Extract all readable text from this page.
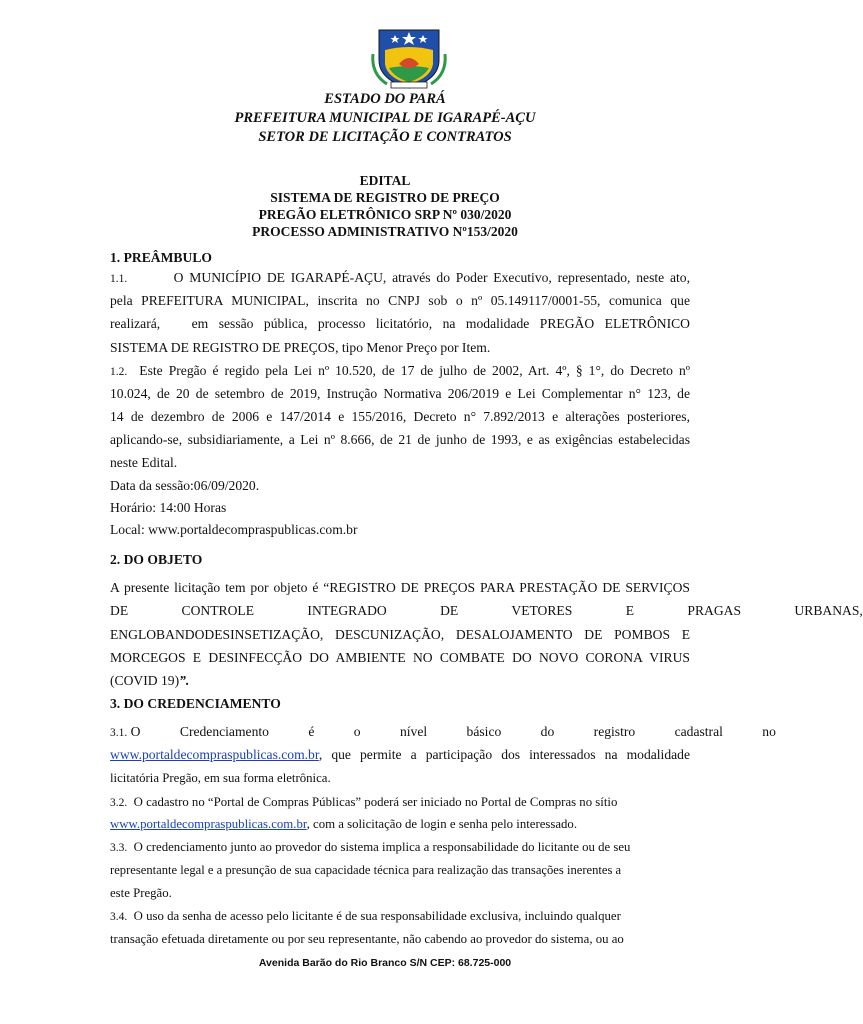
ESTADO DO PARÁ
PREFEITURA MUNICIPAL DE IGARAPÉ-AÇU
SETOR DE LICITAÇÃO E CONTRATOS
EDITAL
SISTEMA DE REGISTRO DE PREÇO
PREGÃO ELETRÔNICO SRP Nº 030/2020
PROCESSO ADMINISTRATIVO Nº153/2020
1. PREÂMBULO
1.1.	O MUNICÍPIO DE IGARAPÉ-AÇU, através do Poder Executivo, representado, neste ato,
pela PREFEITURA MUNICIPAL, inscrita no CNPJ sob o nº 05.149117/0001-55, comunica que
realizará,   em sessão pública, processo licitatório, na modalidade PREGÃO ELETRÔNICO
SISTEMA DE REGISTRO DE PREÇOS, tipo Menor Preço por Item.
1.2. Este Pregão é regido pela Lei nº 10.520, de 17 de julho de 2002, Art. 4º, § 1°, do Decreto nº
10.024, de 20 de setembro de 2019, Instrução Normativa 206/2019 e Lei Complementar n° 123, de
14 de dezembro de 2006 e 147/2014 e 155/2016, Decreto n° 7.892/2013 e alterações posteriores,
aplicando-se, subsidiariamente, a Lei nº 8.666, de 21 de junho de 1993, e as exigências estabelecidas
neste Edital.
Data da sessão:06/09/2020.
Horário: 14:00 Horas
Local: www.portaldecompraspublicas.com.br
2. DO OBJETO
A presente licitação tem por objeto é “REGISTRO DE PREÇOS PARA PRESTAÇÃO DE SERVIÇOS
DE CONTROLE INTEGRADO DE VETORES E PRAGAS URBANAS,
ENGLOBANDODESINSETIZAÇÃO, DESCUNIZAÇÃO, DESALOJAMENTO DE POMBOS E
MORCEGOS E DESINFECÇÃO DO AMBIENTE NO COMBATE DO NOVO CORONA VIRUS
(COVID 19)”.
3. DO CREDENCIAMENTO
3.1. O Credenciamento é o nível básico do registro cadastral no
www.portaldecompraspublicas.com.br, que permite a participação dos interessados na modalidade
licitatória Pregão, em sua forma eletrônica.
3.2. O cadastro no “Portal de Compras Públicas” poderá ser iniciado no Portal de Compras no sítio
www.portaldecompraspublicas.com.br, com a solicitação de login e senha pelo interessado.
3.3. O credenciamento junto ao provedor do sistema implica a responsabilidade do licitante ou de seu
representante legal e a presunção de sua capacidade técnica para realização das transações inerentes a
este Pregão.
3.4. O uso da senha de acesso pelo licitante é de sua responsabilidade exclusiva, incluindo qualquer
transação efetuada diretamente ou por seu representante, não cabendo ao provedor do sistema, ou ao
Avenida Barão do Rio Branco S/N CEP: 68.725-000
